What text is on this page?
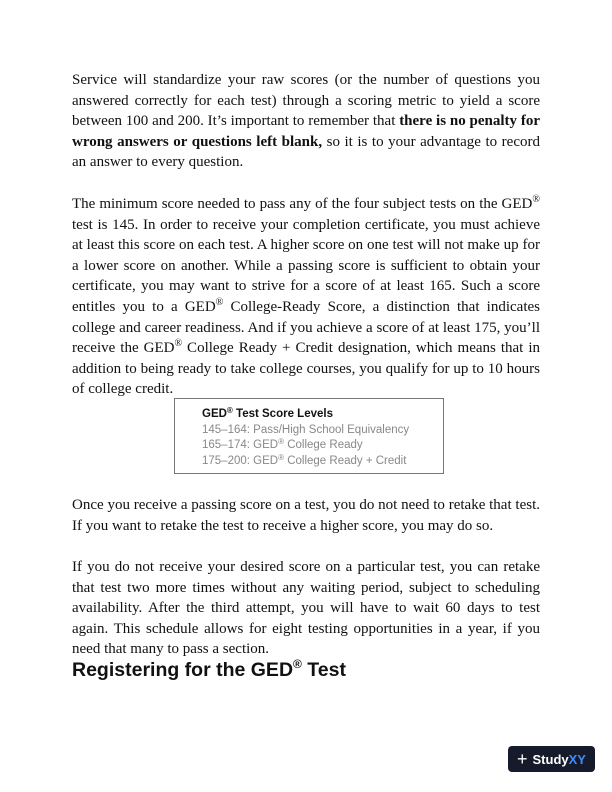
Service will standardize your raw scores (or the number of questions you answered correctly for each test) through a scoring metric to yield a score between 100 and 200. It’s important to remember that there is no penalty for wrong answers or questions left blank, so it is to your advantage to record an answer to every question.

The minimum score needed to pass any of the four subject tests on the GED® test is 145. In order to receive your completion certificate, you must achieve at least this score on each test. A higher score on one test will not make up for a lower score on another. While a passing score is sufficient to obtain your certificate, you may want to strive for a score of at least 165. Such a score entitles you to a GED® College-Ready Score, a distinction that indicates college and career readiness. And if you achieve a score of at least 175, you’ll receive the GED® College Ready + Credit designation, which means that in addition to being ready to take college courses, you qualify for up to 10 hours of college credit.

Once you receive a passing score on a test, you do not need to retake that test. If you want to retake the test to receive a higher score, you may do so.

If you do not receive your desired score on a particular test, you can retake that test two more times without any waiting period, subject to scheduling availability. After the third attempt, you will have to wait 60 days to test again. This schedule allows for eight testing opportunities in a year, if you need that many to pass a section.

GED® Test Score Levels
145–164: Pass/High School Equivalency
165–174: GED® College Ready
175–200: GED® College Ready + Credit
Registering for the GED® Test
+ StudyXY
